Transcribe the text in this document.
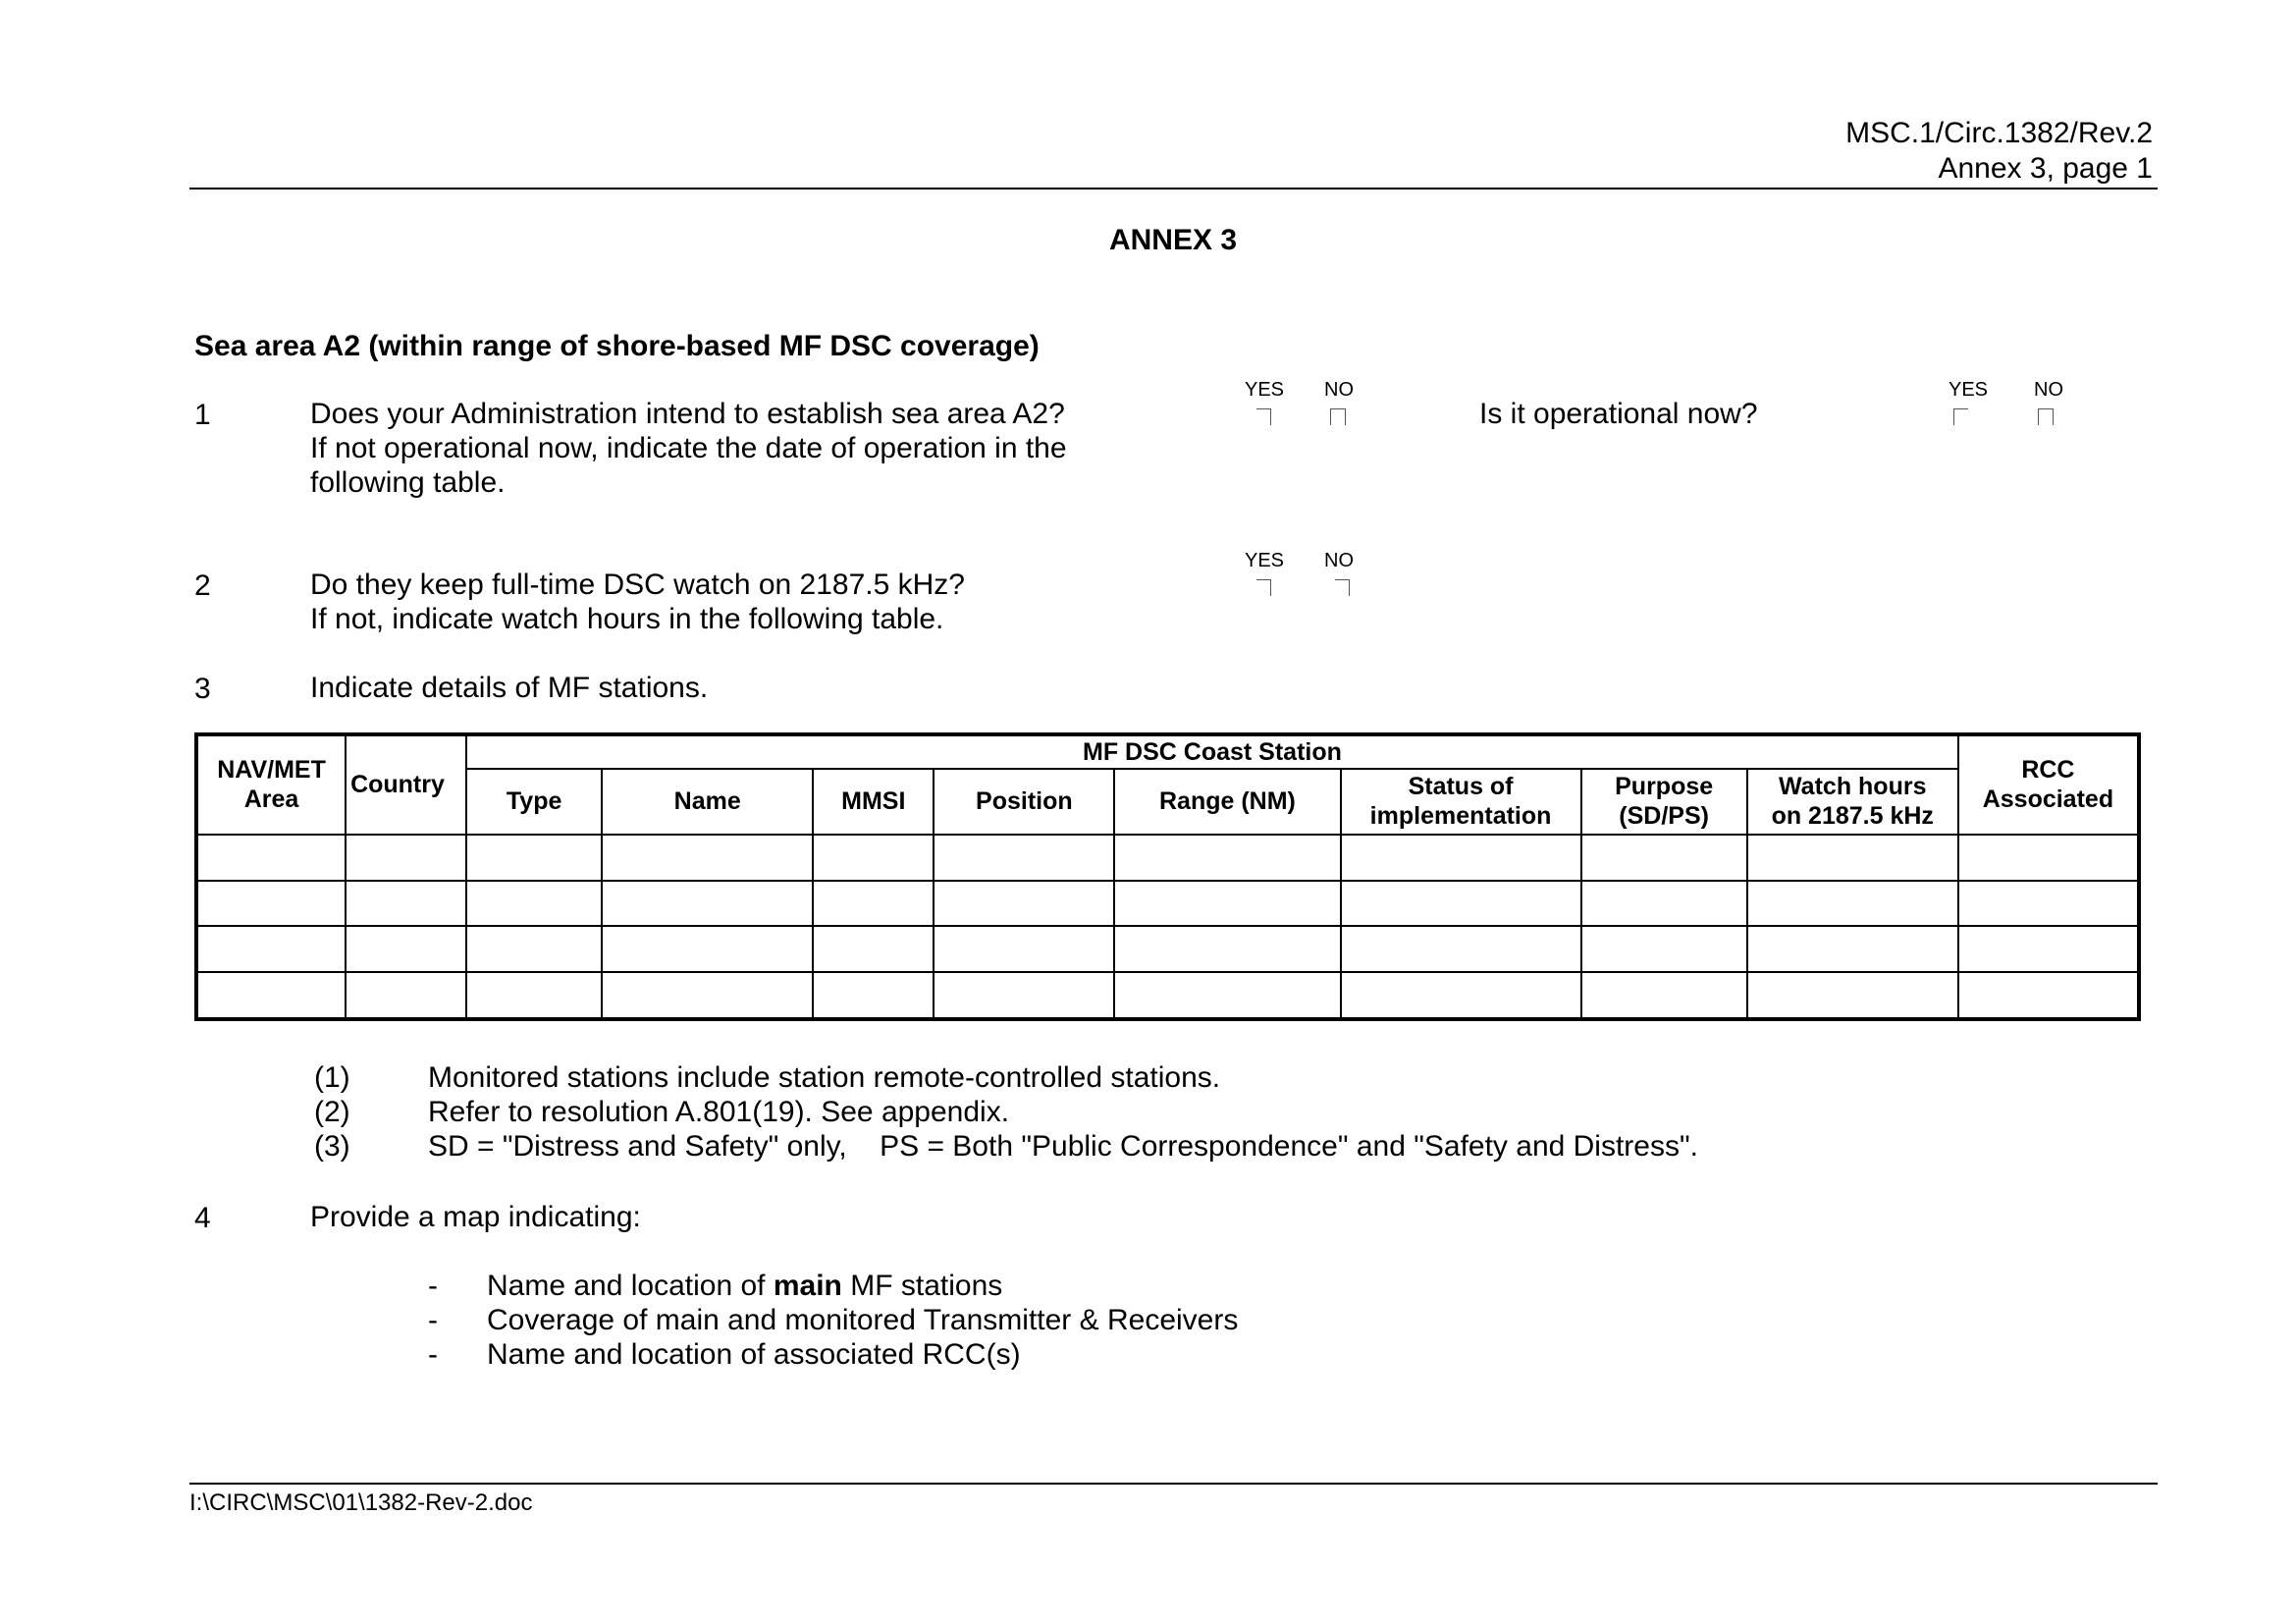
MSC.1/Circ.1382/Rev.2
Annex 3, page 1
ANNEX 3
Sea area A2 (within range of shore-based MF DSC coverage)
1	Does your Administration intend to establish sea area A2?
If not operational now, indicate the date of operation in the
following table.
YES NO
Is it operational now?
YES NO
2	Do they keep full-time DSC watch on 2187.5 kHz?
If not, indicate watch hours in the following table.
YES NO
3	Indicate details of MF stations.
NAV/MET Area	Country	MF DSC Coast Station								RCC Associated
		Type	Name	MMSI	Position	Range (NM)	Status of implementation	Purpose (SD/PS)	Watch hours on 2187.5 kHz	

(1)	Monitored stations include station remote-controlled stations.
(2)	Refer to resolution A.801(19). See appendix.
(3)	SD = "Distress and Safety" only,    PS = Both "Public Correspondence" and "Safety and Distress".
4	Provide a map indicating:
- Name and location of main MF stations
- Coverage of main and monitored Transmitter & Receivers
- Name and location of associated RCC(s)
I:\CIRC\MSC\01\1382-Rev-2.doc
